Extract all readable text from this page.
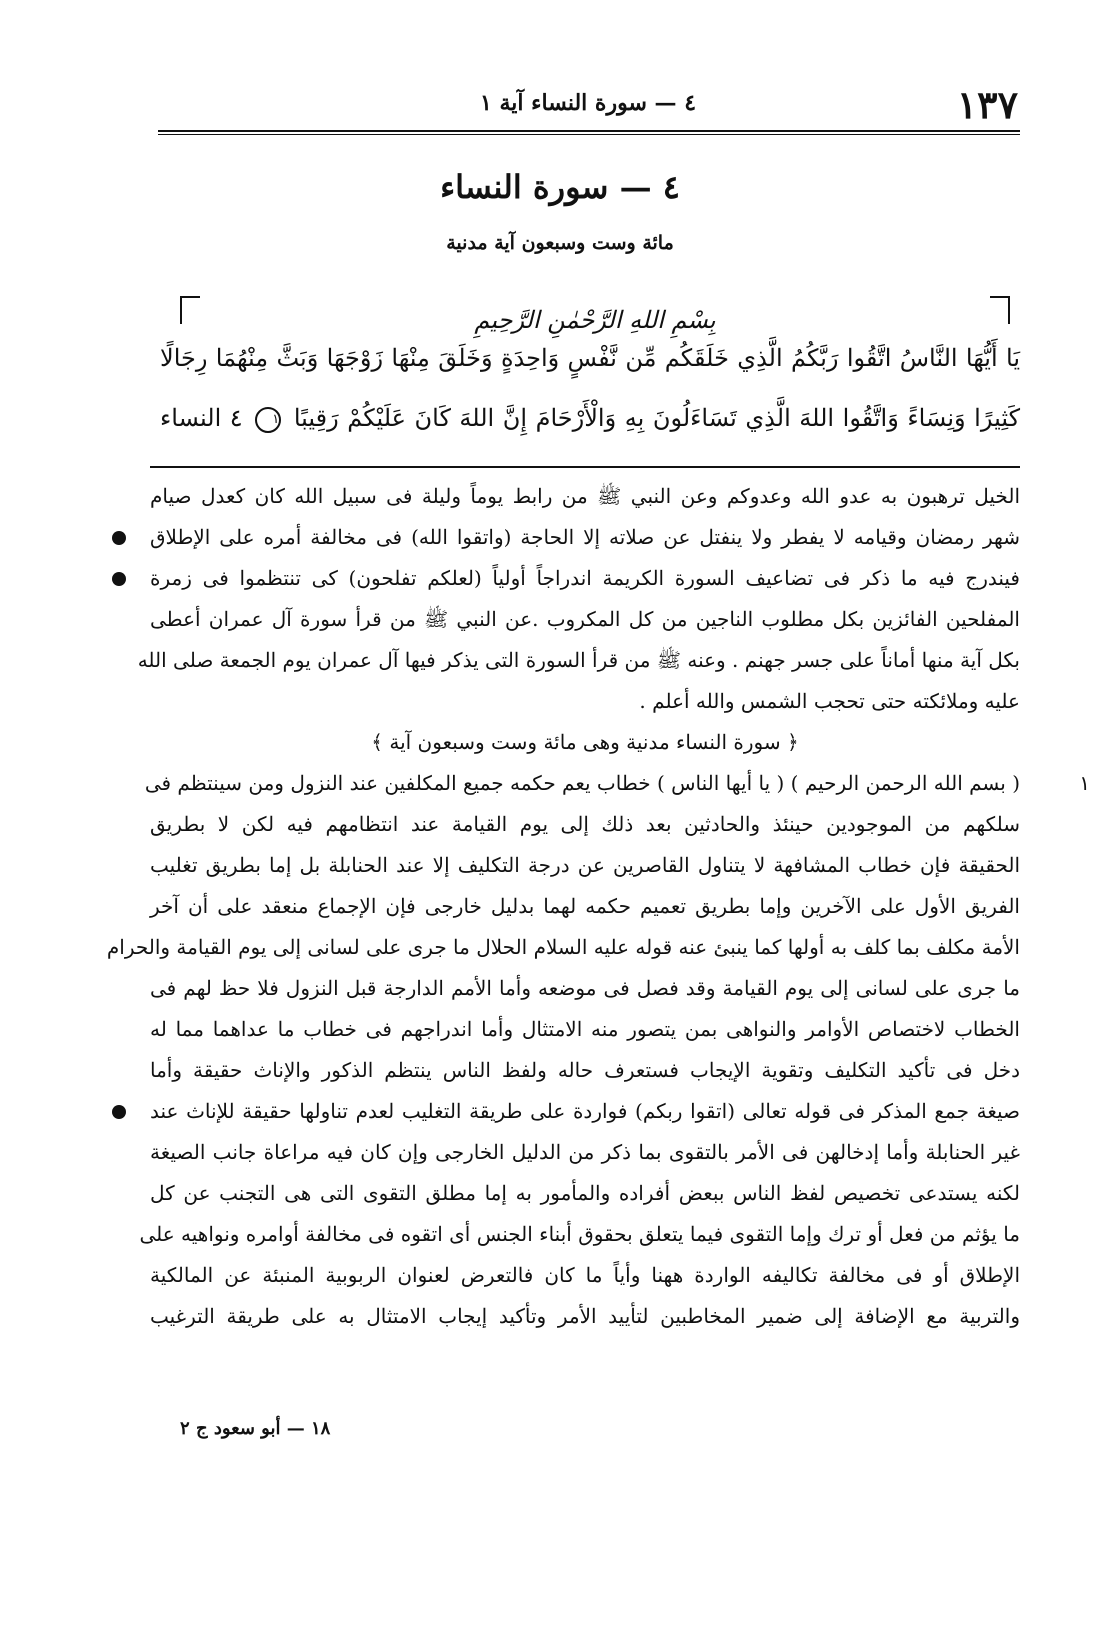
١٣٧
٤ — سورة النساء آية ١
٤ — سورة النساء
مائة وست وسبعون آية مدنية
بِسْمِ اللهِ الرَّحْمٰنِ الرَّحِيمِ
يَا أَيُّهَا النَّاسُ اتَّقُوا رَبَّكُمُ الَّذِي خَلَقَكُم مِّن نَّفْسٍ وَاحِدَةٍ وَخَلَقَ مِنْهَا زَوْجَهَا وَبَثَّ مِنْهُمَا رِجَالًا
كَثِيرًا وَنِسَاءً وَاتَّقُوا اللهَ الَّذِي تَسَاءَلُونَ بِهِ وَالْأَرْحَامَ إِنَّ اللهَ كَانَ عَلَيْكُمْ رَقِيبًا ١ ٤ النساء
الخيل ترهبون به عدو الله وعدوكم وعن النبي ﷺ من رابط يوماً وليلة فى سبيل الله كان كعدل صيام
شهر رمضان وقيامه لا يفطر ولا ينفتل عن صلاته إلا الحاجة (واتقوا الله) فى مخالفة أمره على الإطلاق
فيندرج فيه ما ذكر فى تضاعيف السورة الكريمة اندراجاً أولياً (لعلكم تفلحون) كى تنتظموا فى زمرة
المفلحين الفائزين بكل مطلوب الناجين من كل المكروب .عن النبي ﷺ من قرأ سورة آل عمران أعطى
بكل آية منها أماناً على جسر جهنم . وعنه ﷺ من قرأ السورة التى يذكر فيها آل عمران يوم الجمعة صلى الله
عليه وملائكته حتى تحجب الشمس والله أعلم .
﴿ سورة النساء مدنية وهى مائة وست وسبعون آية ﴾
( بسم الله الرحمن الرحيم ) ( يا أيها الناس ) خطاب يعم حكمه جميع المكلفين عند النزول ومن سينتظم فى	١
سلكهم من الموجودين حينئذ والحادثين بعد ذلك إلى يوم القيامة عند انتظامهم فيه لكن لا بطريق
الحقيقة فإن خطاب المشافهة لا يتناول القاصرين عن درجة التكليف إلا عند الحنابلة بل إما بطريق تغليب
الفريق الأول على الآخرين وإما بطريق تعميم حكمه لهما بدليل خارجى فإن الإجماع منعقد على أن آخر
الأمة مكلف بما كلف به أولها كما ينبئ عنه قوله عليه السلام الحلال ما جرى على لسانى إلى يوم القيامة والحرام
ما جرى على لسانى إلى يوم القيامة وقد فصل فى موضعه وأما الأمم الدارجة قبل النزول فلا حظ لهم فى
الخطاب لاختصاص الأوامر والنواهى بمن يتصور منه الامتثال وأما اندراجهم فى خطاب ما عداهما مما له
دخل فى تأكيد التكليف وتقوية الإيجاب فستعرف حاله ولفظ الناس ينتظم الذكور والإناث حقيقة وأما
صيغة جمع المذكر فى قوله تعالى (اتقوا ربكم) فواردة على طريقة التغليب لعدم تناولها حقيقة للإناث عند
غير الحنابلة وأما إدخالهن فى الأمر بالتقوى بما ذكر من الدليل الخارجى وإن كان فيه مراعاة جانب الصيغة
لكنه يستدعى تخصيص لفظ الناس ببعض أفراده والمأمور به إما مطلق التقوى التى هى التجنب عن كل
ما يؤثم من فعل أو ترك وإما التقوى فيما يتعلق بحقوق أبناء الجنس أى اتقوه فى مخالفة أوامره ونواهيه على
الإطلاق أو فى مخالفة تكاليفه الواردة ههنا وأياً ما كان فالتعرض لعنوان الربوبية المنبئة عن المالكية
والتربية مع الإضافة إلى ضمير المخاطبين لتأييد الأمر وتأكيد إيجاب الامتثال به على طريقة الترغيب
١٨ — أبو سعود ج ٢
